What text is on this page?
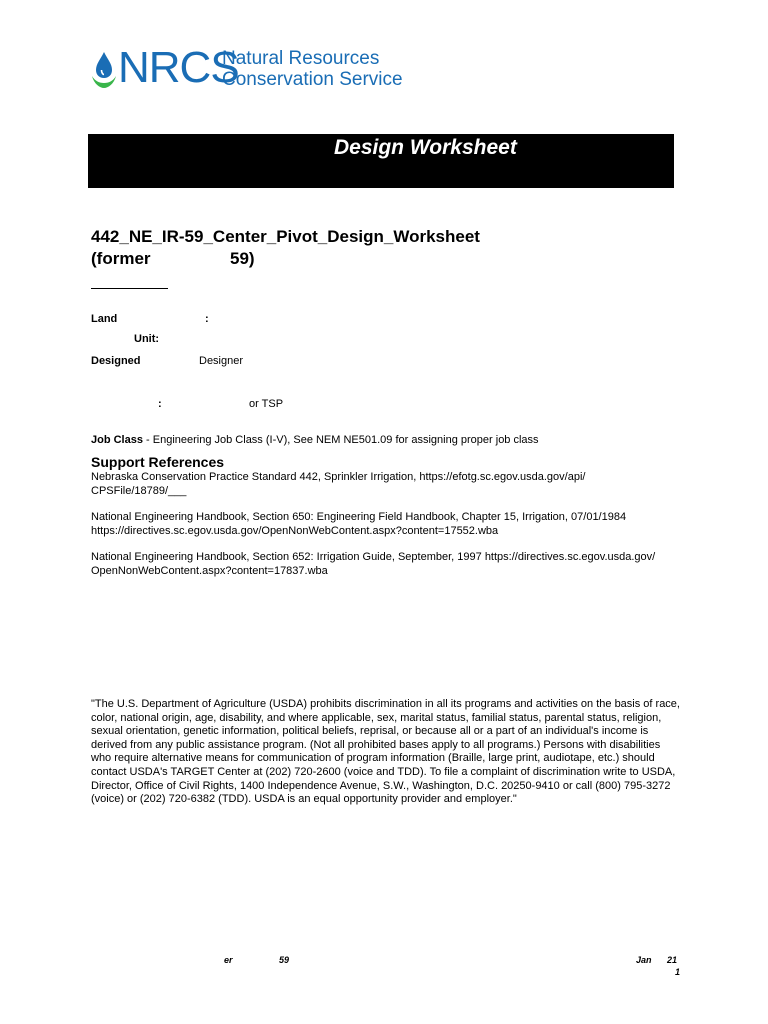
NRCS
Natural Resources
Conservation Service
Design Worksheet
442_NE_IR-59_Center_Pivot_Design_Worksheet
(former	59)
Land	:
Unit:
Designed	Designer
:	or TSP
Job Class - Engineering Job Class (I-V), See NEM NE501.09 for assigning proper job class
Support References
Nebraska Conservation Practice Standard 442, Sprinkler Irrigation, https://efotg.sc.egov.usda.gov/api/ CPSFile/18789/___
National Engineering Handbook, Section 650: Engineering Field Handbook, Chapter 15, Irrigation, 07/01/1984 https://directives.sc.egov.usda.gov/OpenNonWebContent.aspx?content=17552.wba
National Engineering Handbook, Section 652: Irrigation Guide, September, 1997 https://directives.sc.egov.usda.gov/ OpenNonWebContent.aspx?content=17837.wba
"The U.S. Department of Agriculture (USDA) prohibits discrimination in all its programs and activities on the basis of race, color, national origin, age, disability, and where applicable, sex, marital status, familial status, parental status, religion, sexual orientation, genetic information, political beliefs, reprisal, or because all or a part of an individual's income is derived from any public assistance program. (Not all prohibited bases apply to all programs.) Persons with disabilities who require alternative means for communication of program information (Braille, large print, audiotape, etc.) should contact USDA's TARGET Center at (202) 720-2600 (voice and TDD). To file a complaint of discrimination write to USDA, Director, Office of Civil Rights, 1400 Independence Avenue, S.W., Washington, D.C. 20250-9410 or call (800) 795-3272 (voice) or (202) 720-6382 (TDD). USDA is an equal opportunity provider and employer."
er	59	Jan 21
1
